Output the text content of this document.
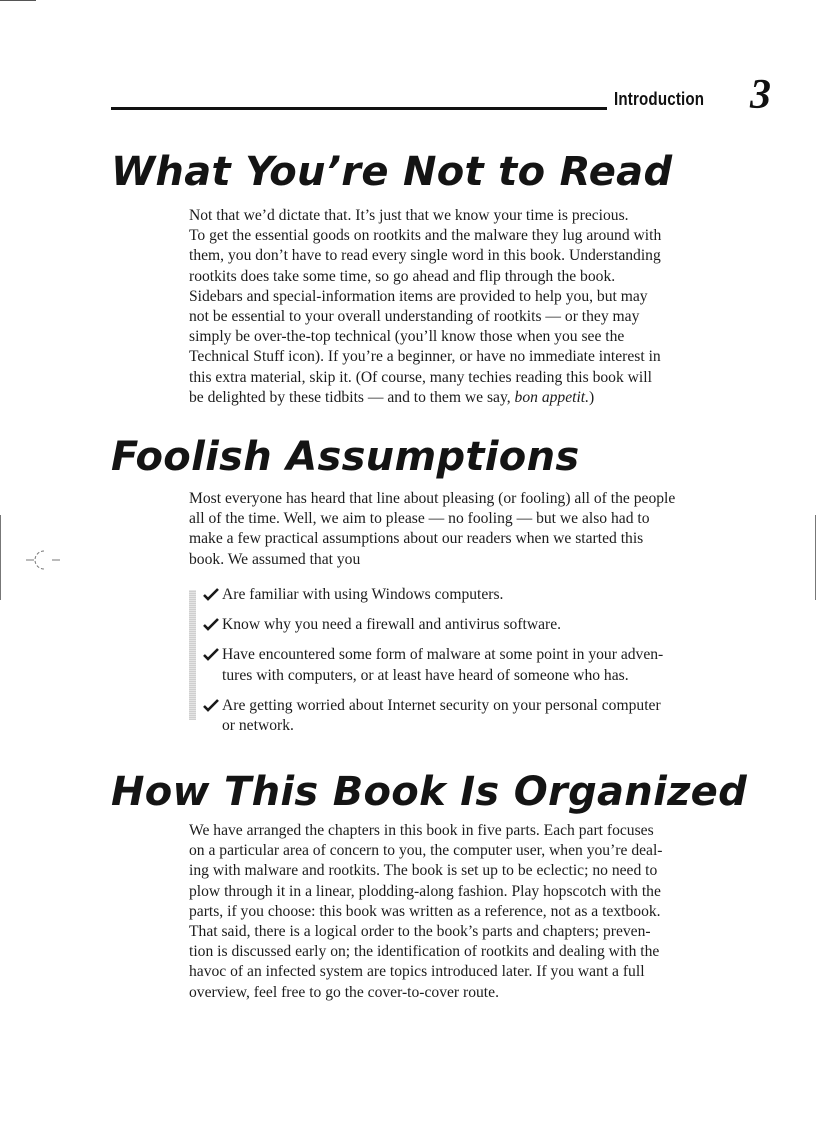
Introduction 3
What You’re Not to Read

Not that we’d dictate that. It’s just that we know your time is precious.
To get the essential goods on rootkits and the malware they lug around with
them, you don’t have to read every single word in this book. Understanding
rootkits does take some time, so go ahead and flip through the book.
Sidebars and special-information items are provided to help you, but may
not be essential to your overall understanding of rootkits — or they may
simply be over-the-top technical (you’ll know those when you see the
Technical Stuff icon). If you’re a beginner, or have no immediate interest in
this extra material, skip it. (Of course, many techies reading this book will
be delighted by these tidbits — and to them we say, bon appetit.)

Foolish Assumptions

Most everyone has heard that line about pleasing (or fooling) all of the people
all of the time. Well, we aim to please — no fooling — but we also had to
make a few practical assumptions about our readers when we started this
book. We assumed that you

Are familiar with using Windows computers.
Know why you need a firewall and antivirus software.
Have encountered some form of malware at some point in your adven-
tures with computers, or at least have heard of someone who has.
Are getting worried about Internet security on your personal computer
or network.
How This Book Is Organized

We have arranged the chapters in this book in five parts. Each part focuses
on a particular area of concern to you, the computer user, when you’re deal-
ing with malware and rootkits. The book is set up to be eclectic; no need to
plow through it in a linear, plodding-along fashion. Play hopscotch with the
parts, if you choose: this book was written as a reference, not as a textbook.
That said, there is a logical order to the book’s parts and chapters; preven-
tion is discussed early on; the identification of rootkits and dealing with the
havoc of an infected system are topics introduced later. If you want a full
overview, feel free to go the cover-to-cover route.
